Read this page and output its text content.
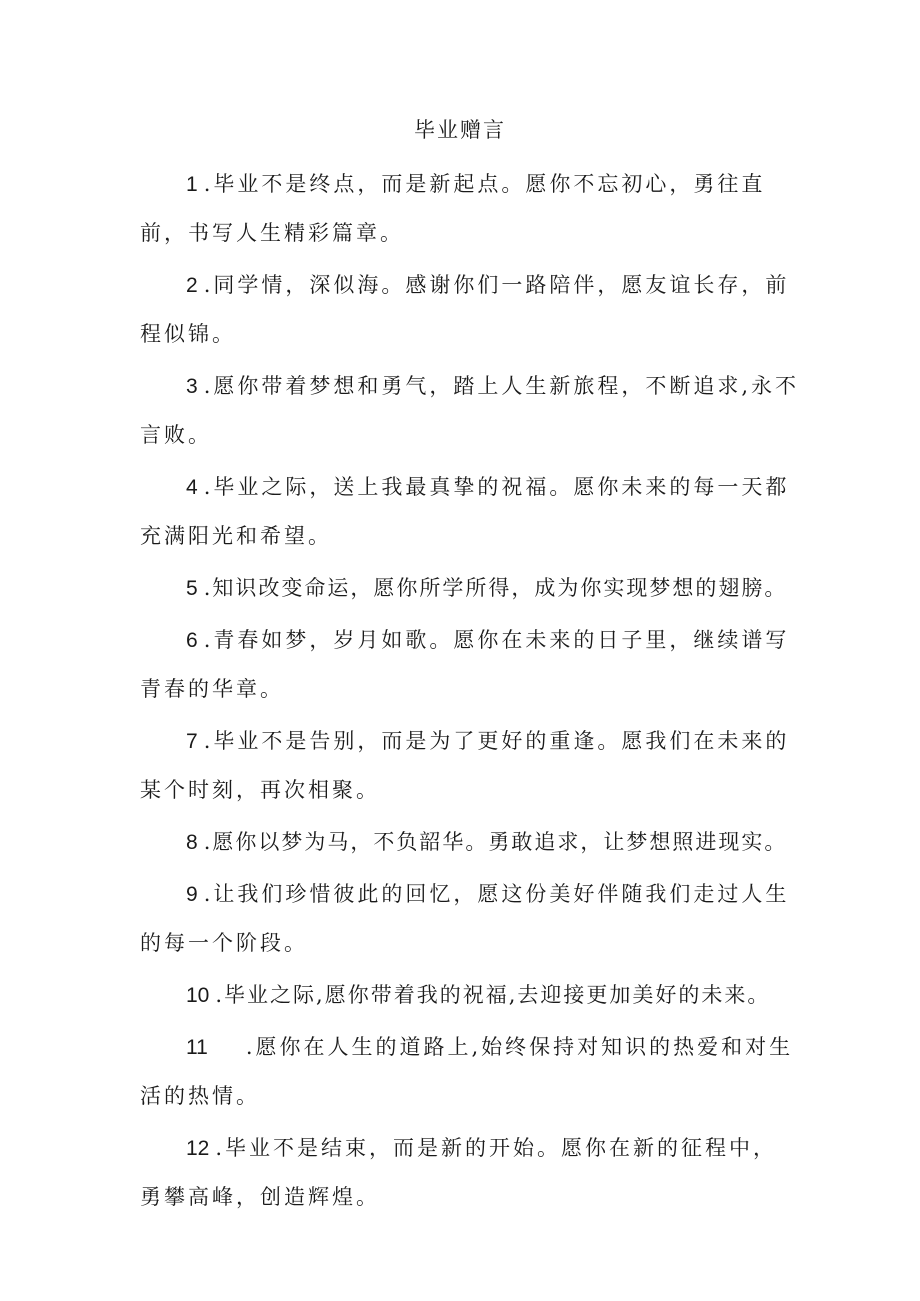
毕业赠言

1 .毕业不是终点，而是新起点。愿你不忘初心，勇往直前，书写人生精彩篇章。

2 .同学情，深似海。感谢你们一路陪伴，愿友谊长存，前程似锦。

3 .愿你带着梦想和勇气，踏上人生新旅程，不断追求,永不言败。

4 .毕业之际，送上我最真挚的祝福。愿你未来的每一天都充满阳光和希望。

5 .知识改变命运，愿你所学所得，成为你实现梦想的翅膀。

6 .青春如梦，岁月如歌。愿你在未来的日子里，继续谱写青春的华章。

7 .毕业不是告别，而是为了更好的重逢。愿我们在未来的某个时刻，再次相聚。

8 .愿你以梦为马，不负韶华。勇敢追求，让梦想照进现实。

9 .让我们珍惜彼此的回忆，愿这份美好伴随我们走过人生的每一个阶段。

10 .毕业之际,愿你带着我的祝福,去迎接更加美好的未来。

11 .愿你在人生的道路上,始终保持对知识的热爱和对生活的热情。

12 .毕业不是结束，而是新的开始。愿你在新的征程中，勇攀高峰，创造辉煌。
